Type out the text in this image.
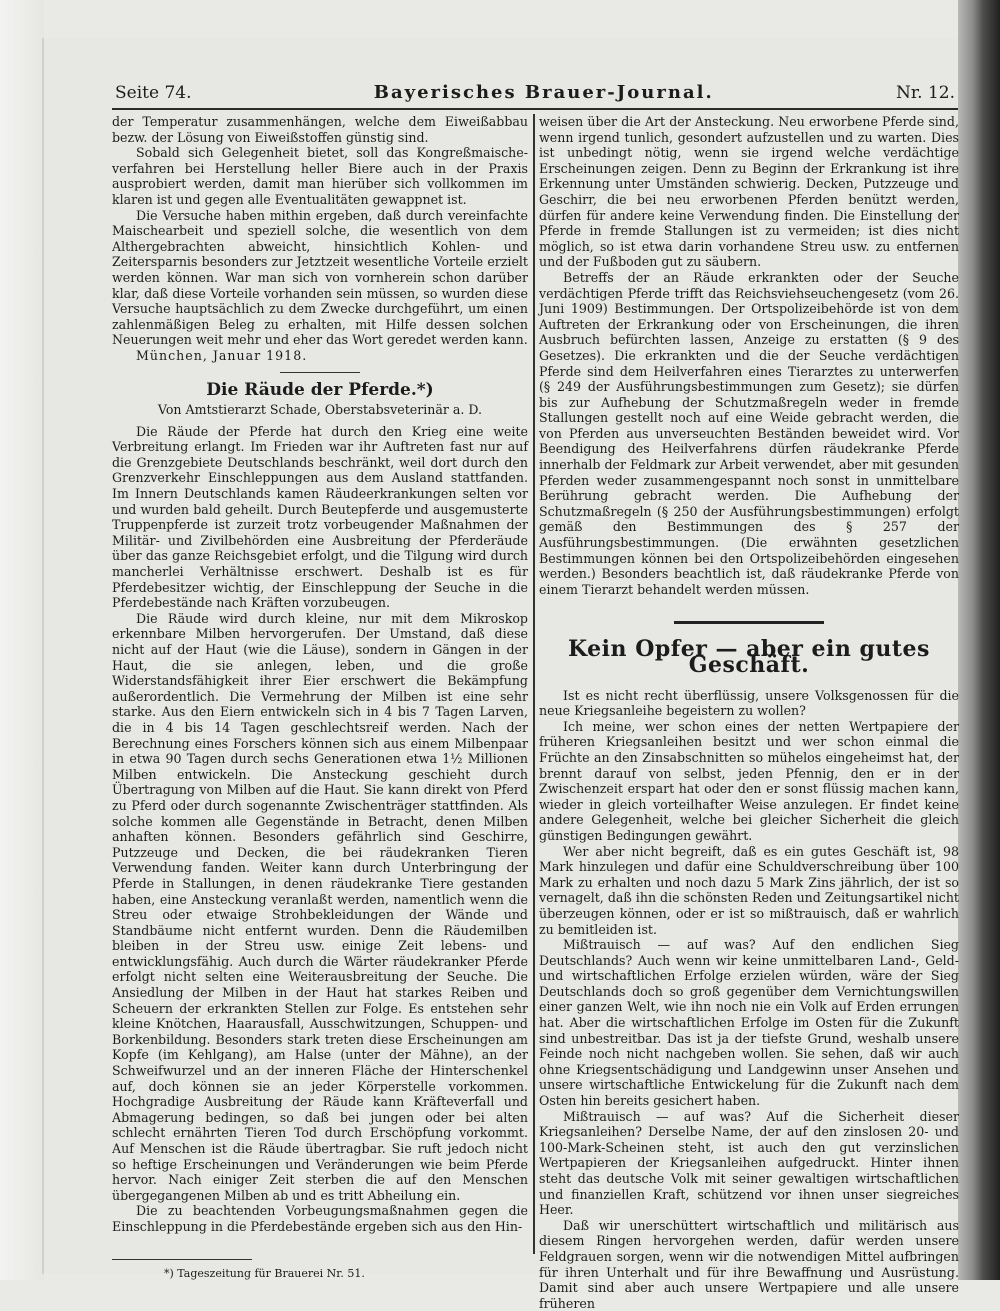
Seite 74.	Bayerisches Brauer-Journal.	Nr. 12.

der Temperatur zusammenhängen, welche dem Eiweißabbau bezw. der Lösung von Eiweißstoffen günstig sind.

Sobald sich Gelegenheit bietet, soll das Kongreßmaische-verfahren bei Herstellung heller Biere auch in der Praxis ausprobiert werden, damit man hierüber sich vollkommen im klaren ist und gegen alle Eventualitäten gewappnet ist.

Die Versuche haben mithin ergeben, daß durch vereinfachte Maischearbeit und speziell solche, die wesentlich von dem Althergebrachten abweicht, hinsichtlich Kohlen- und Zeitersparnis besonders zur Jetztzeit wesentliche Vorteile erzielt werden können. War man sich von vornherein schon darüber klar, daß diese Vorteile vorhanden sein müssen, so wurden diese Versuche hauptsächlich zu dem Zwecke durchgeführt, um einen zahlenmäßigen Beleg zu erhalten, mit Hilfe dessen solchen Neuerungen weit mehr und eher das Wort geredet werden kann.

München, Januar 1918.

Die Räude der Pferde.*)
Von Amtstierarzt Schade, Oberstabsveterinär a. D.

Die Räude der Pferde hat durch den Krieg eine weite Verbreitung erlangt. Im Frieden war ihr Auftreten fast nur auf die Grenzgebiete Deutschlands beschränkt, weil dort durch den Grenzverkehr Einschleppungen aus dem Ausland stattfanden. Im Innern Deutschlands kamen Räudeerkrankungen selten vor und wurden bald geheilt. Durch Beutepferde und ausgemusterte Truppenpferde ist zurzeit trotz vorbeugender Maßnahmen der Militär- und Zivilbehörden eine Ausbreitung der Pferderäude über das ganze Reichsgebiet erfolgt, und die Tilgung wird durch mancherlei Verhältnisse erschwert. Deshalb ist es für Pferdebesitzer wichtig, der Einschleppung der Seuche in die Pferdebestände nach Kräften vorzubeugen.

Die Räude wird durch kleine, nur mit dem Mikroskop erkennbare Milben hervorgerufen. Der Umstand, daß diese nicht auf der Haut (wie die Läuse), sondern in Gängen in der Haut, die sie anlegen, leben, und die große Widerstandsfähigkeit ihrer Eier erschwert die Bekämpfung außerordentlich. Die Vermehrung der Milben ist eine sehr starke. Aus den Eiern entwickeln sich in 4 bis 7 Tagen Larven, die in 4 bis 14 Tagen geschlechtsreif werden. Nach der Berechnung eines Forschers können sich aus einem Milbenpaar in etwa 90 Tagen durch sechs Generationen etwa 1½ Millionen Milben entwickeln. Die Ansteckung geschieht durch Übertragung von Milben auf die Haut. Sie kann direkt von Pferd zu Pferd oder durch sogenannte Zwischenträger stattfinden. Als solche kommen alle Gegenstände in Betracht, denen Milben anhaften können. Besonders gefährlich sind Geschirre, Putzzeuge und Decken, die bei räudekranken Tieren Verwendung fanden. Weiter kann durch Unterbringung der Pferde in Stallungen, in denen räudekranke Tiere gestanden haben, eine Ansteckung veranlaßt werden, namentlich wenn die Streu oder etwaige Strohbekleidungen der Wände und Standbäume nicht entfernt wurden. Denn die Räudemilben bleiben in der Streu usw. einige Zeit lebens- und entwicklungsfähig. Auch durch die Wärter räudekranker Pferde erfolgt nicht selten eine Weiterausbreitung der Seuche. Die Ansiedlung der Milben in der Haut hat starkes Reiben und Scheuern der erkrankten Stellen zur Folge. Es entstehen sehr kleine Knötchen, Haarausfall, Ausschwitzungen, Schuppen- und Borkenbildung. Besonders stark treten diese Erscheinungen am Kopfe (im Kehlgang), am Halse (unter der Mähne), an der Schweifwurzel und an der inneren Fläche der Hinterschenkel auf, doch können sie an jeder Körperstelle vorkommen. Hochgradige Ausbreitung der Räude kann Kräfteverfall und Abmagerung bedingen, so daß bei jungen oder bei alten schlecht ernährten Tieren Tod durch Erschöpfung vorkommt. Auf Menschen ist die Räude übertragbar. Sie ruft jedoch nicht so heftige Erscheinungen und Veränderungen wie beim Pferde hervor. Nach einiger Zeit sterben die auf den Menschen übergegangenen Milben ab und es tritt Abheilung ein.

Die zu beachtenden Vorbeugungsmaßnahmen gegen die Einschleppung in die Pferdebestände ergeben sich aus den Hin-

*) Tageszeitung für Brauerei Nr. 51.

weisen über die Art der Ansteckung. Neu erworbene Pferde sind, wenn irgend tunlich, gesondert aufzustellen und zu warten. Dies ist unbedingt nötig, wenn sie irgend welche verdächtige Erscheinungen zeigen. Denn zu Beginn der Erkrankung ist ihre Erkennung unter Umständen schwierig. Decken, Putzzeuge und Geschirr, die bei neu erworbenen Pferden benützt werden, dürfen für andere keine Verwendung finden. Die Einstellung der Pferde in fremde Stallungen ist zu vermeiden; ist dies nicht möglich, so ist etwa darin vorhandene Streu usw. zu entfernen und der Fußboden gut zu säubern.

Betreffs der an Räude erkrankten oder der Seuche verdächtigen Pferde trifft das Reichsviehseuchengesetz (vom 26. Juni 1909) Bestimmungen. Der Ortspolizeibehörde ist von dem Auftreten der Erkrankung oder von Erscheinungen, die ihren Ausbruch befürchten lassen, Anzeige zu erstatten (§ 9 des Gesetzes). Die erkrankten und die der Seuche verdächtigen Pferde sind dem Heilverfahren eines Tierarztes zu unterwerfen (§ 249 der Ausführungsbestimmungen zum Gesetz); sie dürfen bis zur Aufhebung der Schutzmaßregeln weder in fremde Stallungen gestellt noch auf eine Weide gebracht werden, die von Pferden aus unverseuchten Beständen beweidet wird. Vor Beendigung des Heilverfahrens dürfen räudekranke Pferde innerhalb der Feldmark zur Arbeit verwendet, aber mit gesunden Pferden weder zusammengespannt noch sonst in unmittelbare Berührung gebracht werden. Die Aufhebung der Schutzmaßregeln (§ 250 der Ausführungsbestimmungen) erfolgt gemäß den Bestimmungen des § 257 der Ausführungsbestimmungen. (Die erwähnten gesetzlichen Bestimmungen können bei den Ortspolizeibehörden eingesehen werden.) Besonders beachtlich ist, daß räudekranke Pferde von einem Tierarzt behandelt werden müssen.

Kein Opfer — aber ein gutes Geschäft.

Ist es nicht recht überflüssig, unsere Volksgenossen für die neue Kriegsanleihe begeistern zu wollen?

Ich meine, wer schon eines der netten Wertpapiere der früheren Kriegsanleihen besitzt und wer schon einmal die Früchte an den Zinsabschnitten so mühelos eingeheimst hat, der brennt darauf von selbst, jeden Pfennig, den er in der Zwischenzeit erspart hat oder den er sonst flüssig machen kann, wieder in gleich vorteilhafter Weise anzulegen. Er findet keine andere Gelegenheit, welche bei gleicher Sicherheit die gleich günstigen Bedingungen gewährt.

Wer aber nicht begreift, daß es ein gutes Geschäft ist, 98 Mark hinzulegen und dafür eine Schuldverschreibung über 100 Mark zu erhalten und noch dazu 5 Mark Zins jährlich, der ist so vernagelt, daß ihn die schönsten Reden und Zeitungsartikel nicht überzeugen können, oder er ist so mißtrauisch, daß er wahrlich zu bemitleiden ist.

Mißtrauisch — auf was? Auf den endlichen Sieg Deutschlands? Auch wenn wir keine unmittelbaren Land-, Geld- und wirtschaftlichen Erfolge erzielen würden, wäre der Sieg Deutschlands doch so groß gegenüber dem Vernichtungswillen einer ganzen Welt, wie ihn noch nie ein Volk auf Erden errungen hat. Aber die wirtschaftlichen Erfolge im Osten für die Zukunft sind unbestreitbar. Das ist ja der tiefste Grund, weshalb unsere Feinde noch nicht nachgeben wollen. Sie sehen, daß wir auch ohne Kriegsentschädigung und Landgewinn unser Ansehen und unsere wirtschaftliche Entwickelung für die Zukunft nach dem Osten hin bereits gesichert haben.

Mißtrauisch — auf was? Auf die Sicherheit dieser Kriegsanleihen? Derselbe Name, der auf den zinslosen 20- und 100-Mark-Scheinen steht, ist auch den gut verzinslichen Wertpapieren der Kriegsanleihen aufgedruckt. Hinter ihnen steht das deutsche Volk mit seiner gewaltigen wirtschaftlichen und finanziellen Kraft, schützend vor ihnen unser siegreiches Heer.

Daß wir unerschüttert wirtschaftlich und militärisch aus diesem Ringen hervorgehen werden, dafür werden unsere Feldgrauen sorgen, wenn wir die notwendigen Mittel aufbringen für ihren Unterhalt und für ihre Bewaffnung und Ausrüstung. Damit sind aber auch unsere Wertpapiere und alle unsere früheren
